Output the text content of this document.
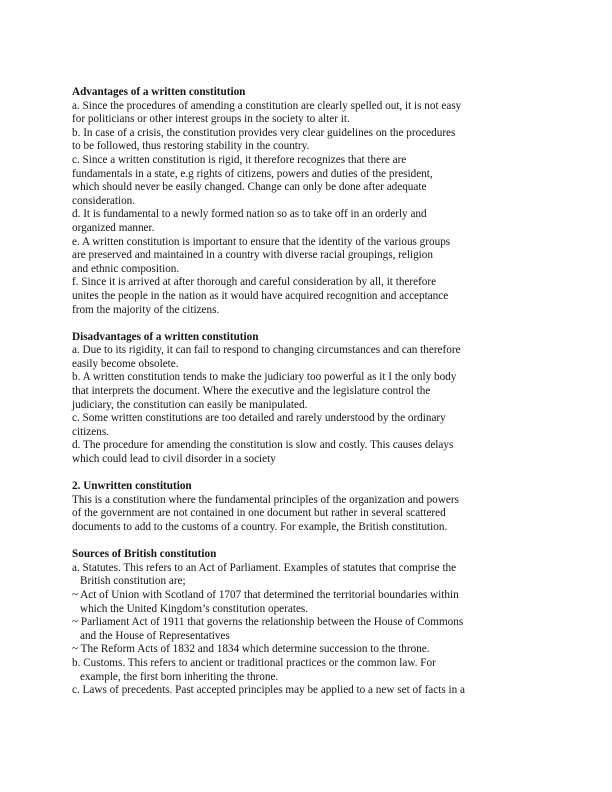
Advantages of a written constitution
a. Since the procedures of amending a constitution are clearly spelled out, it is not easy
for politicians or other interest groups in the society to alter it.
b. In case of a crisis, the constitution provides very clear guidelines on the procedures
to be followed, thus restoring stability in the country.
c. Since a written constitution is rigid, it therefore recognizes that there are
fundamentals in a state, e.g rights of citizens, powers and duties of the president,
which should never be easily changed. Change can only be done after adequate
consideration.
d. It is fundamental to a newly formed nation so as to take off in an orderly and
organized manner.
e. A written constitution is important to ensure that the identity of the various groups
are preserved and maintained in a country with diverse racial groupings, religion
and ethnic composition.
f. Since it is arrived at after thorough and careful consideration by all, it therefore
unites the people in the nation as it would have acquired recognition and acceptance
from the majority of the citizens.
Disadvantages of a written constitution
a. Due to its rigidity, it can fail to respond to changing circumstances and can therefore
easily become obsolete.
b. A written constitution tends to make the judiciary too powerful as it I the only body
that interprets the document. Where the executive and the legislature control the
judiciary, the constitution can easily be manipulated.
c. Some written constitutions are too detailed and rarely understood by the ordinary
citizens.
d. The procedure for amending the constitution is slow and costly. This causes delays
which could lead to civil disorder in a society
2. Unwritten constitution
This is a constitution where the fundamental principles of the organization and powers
of the government are not contained in one document but rather in several scattered
documents to add to the customs of a country. For example, the British constitution.
Sources of British constitution
a. Statutes. This refers to an Act of Parliament. Examples of statutes that comprise the
British constitution are;
~ Act of Union with Scotland of 1707 that determined the territorial boundaries within
which the United Kingdom’s constitution operates.
~ Parliament Act of 1911 that governs the relationship between the House of Commons
and the House of Representatives
~ The Reform Acts of 1832 and 1834 which determine succession to the throne.
b. Customs. This refers to ancient or traditional practices or the common law. For
example, the first born inheriting the throne.
c. Laws of precedents. Past accepted principles may be applied to a new set of facts in a
